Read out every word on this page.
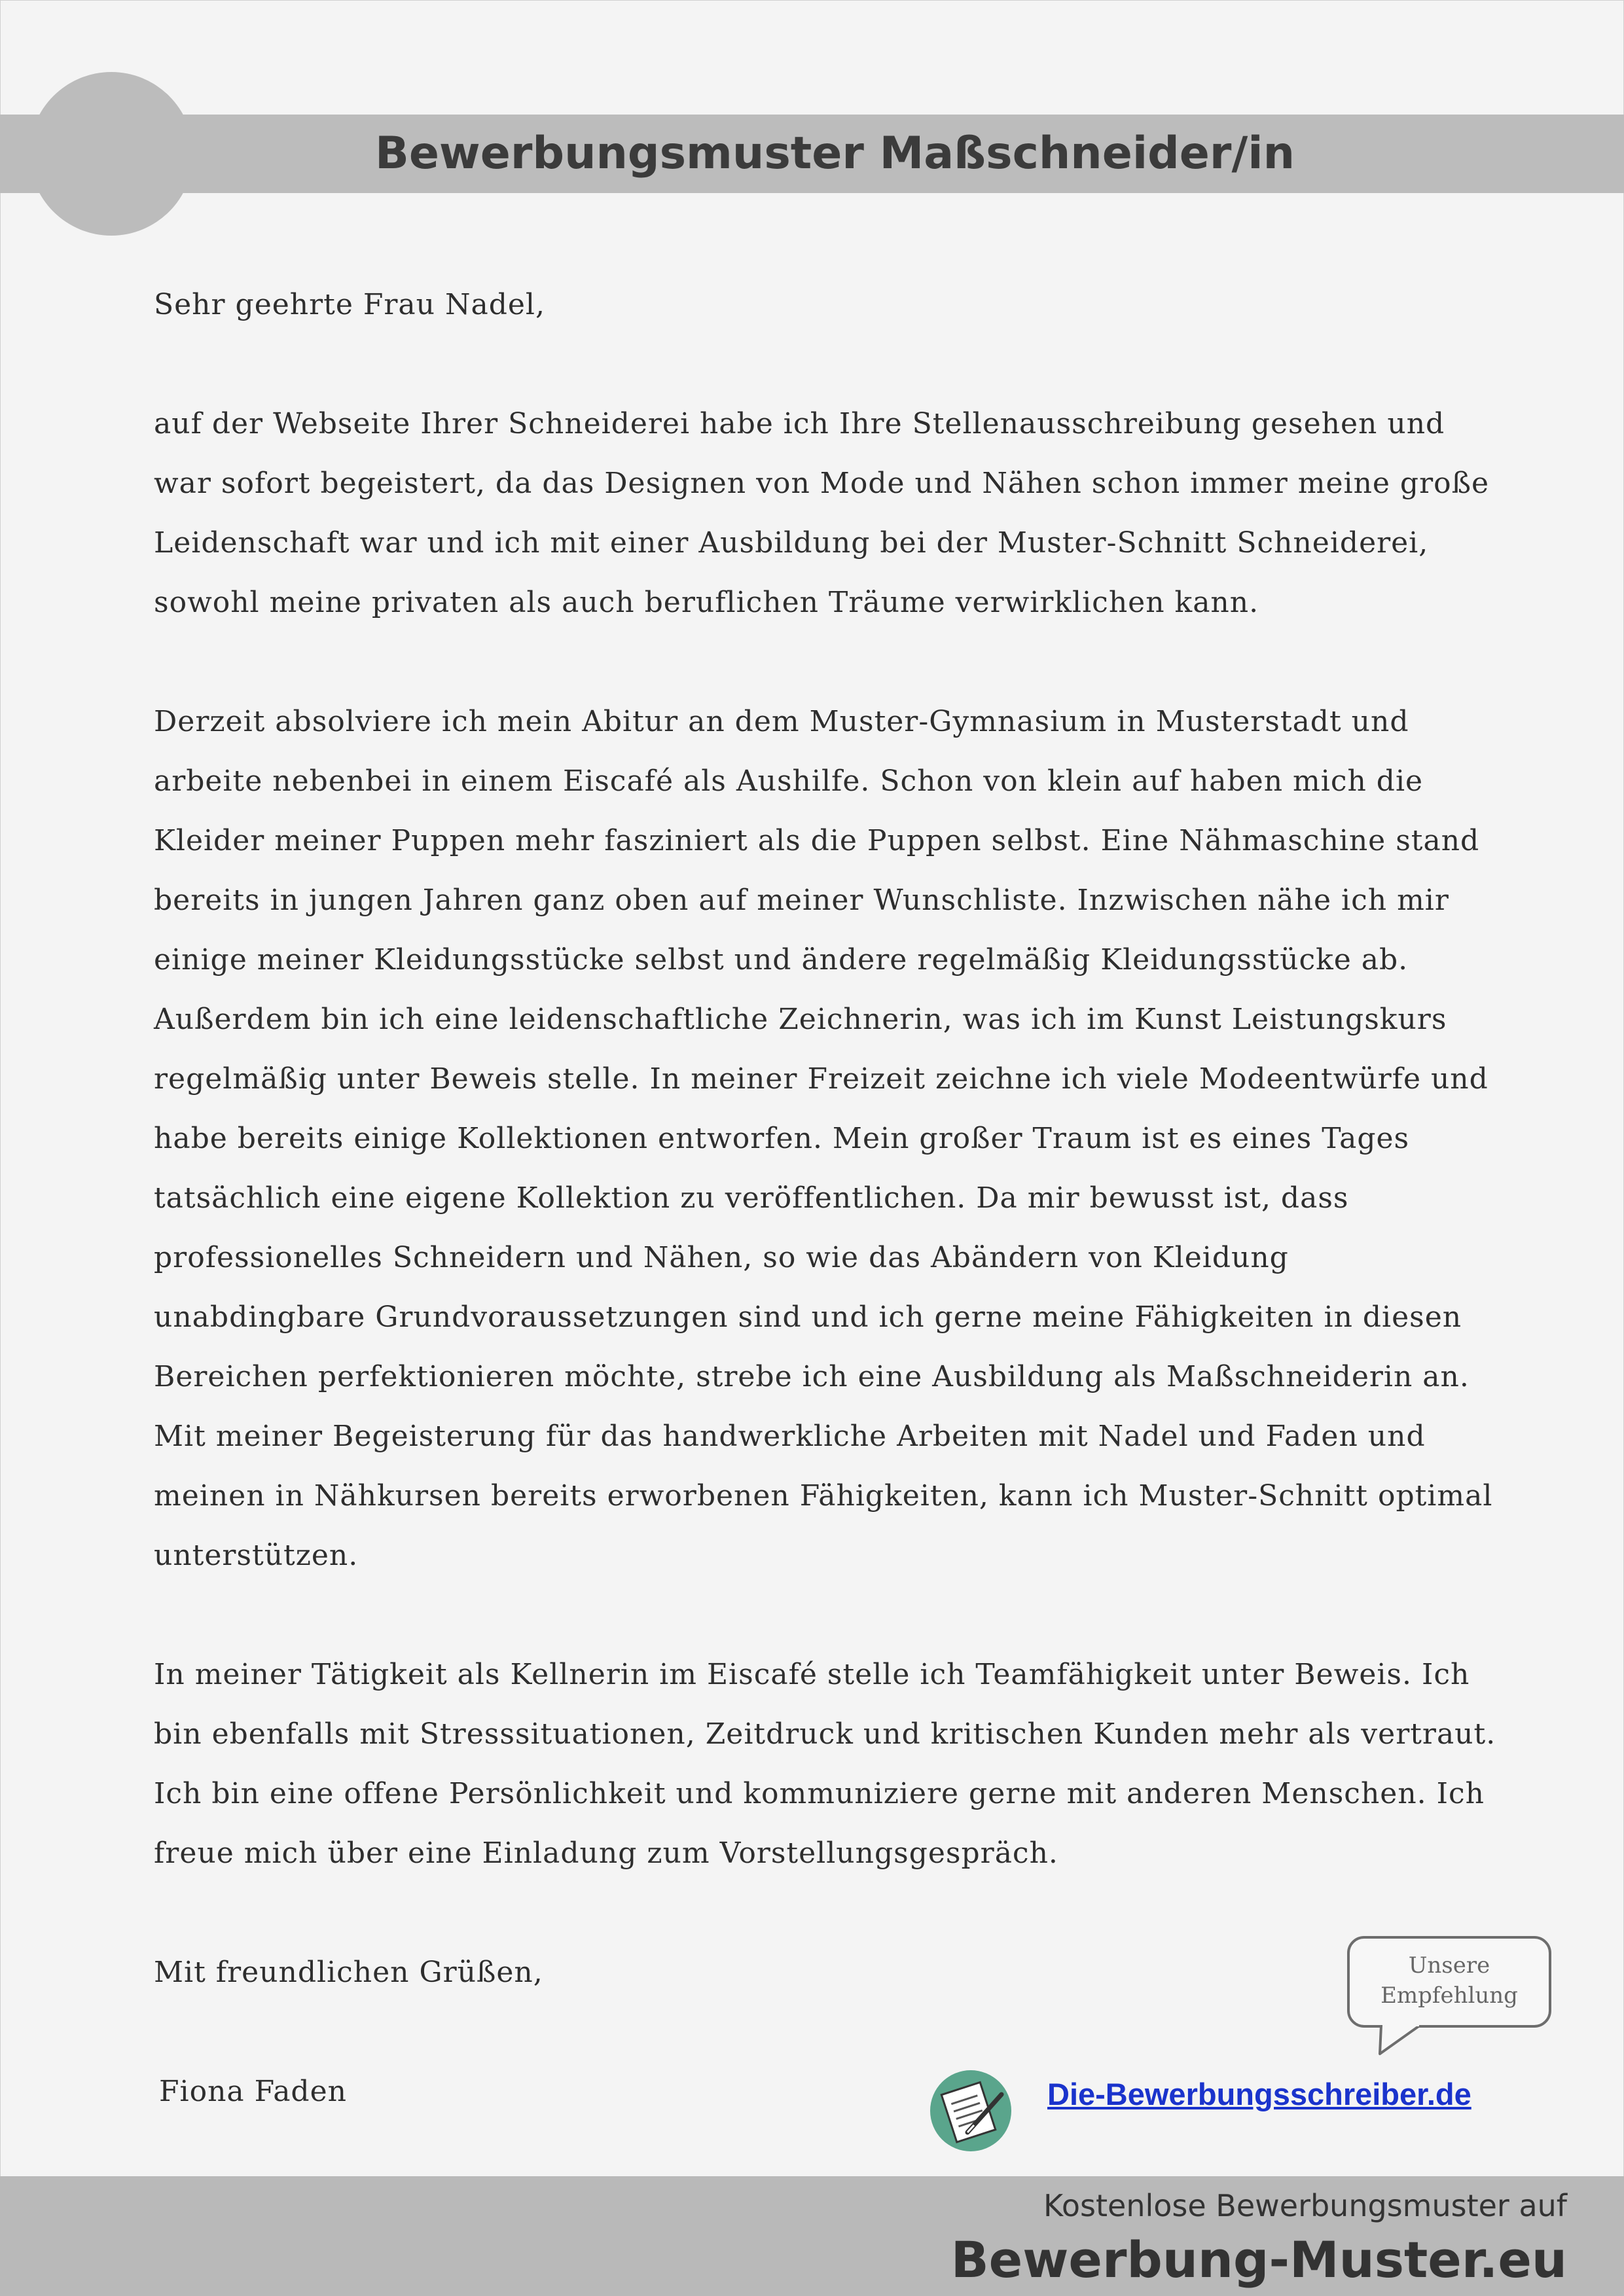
Bewerbungsmuster Maßschneider/in

Sehr geehrte Frau Nadel,

auf der Webseite Ihrer Schneiderei habe ich Ihre Stellenausschreibung gesehen und war sofort begeistert, da das Designen von Mode und Nähen schon immer meine große Leidenschaft war und ich mit einer Ausbildung bei der Muster-Schnitt Schneiderei, sowohl meine privaten als auch beruflichen Träume verwirklichen kann.

Derzeit absolviere ich mein Abitur an dem Muster-Gymnasium in Musterstadt und arbeite nebenbei in einem Eiscafé als Aushilfe. Schon von klein auf haben mich die Kleider meiner Puppen mehr fasziniert als die Puppen selbst. Eine Nähmaschine stand bereits in jungen Jahren ganz oben auf meiner Wunschliste. Inzwischen nähe ich mir einige meiner Kleidungsstücke selbst und ändere regelmäßig Kleidungsstücke ab. Außerdem bin ich eine leidenschaftliche Zeichnerin, was ich im Kunst Leistungskurs regelmäßig unter Beweis stelle. In meiner Freizeit zeichne ich viele Modeentwürfe und habe bereits einige Kollektionen entworfen. Mein großer Traum ist es eines Tages tatsächlich eine eigene Kollektion zu veröffentlichen. Da mir bewusst ist, dass professionelles Schneidern und Nähen, so wie das Abändern von Kleidung unabdingbare Grundvoraussetzungen sind und ich gerne meine Fähigkeiten in diesen Bereichen perfektionieren möchte, strebe ich eine Ausbildung als Maßschneiderin an. Mit meiner Begeisterung für das handwerkliche Arbeiten mit Nadel und Faden und meinen in Nähkursen bereits erworbenen Fähigkeiten, kann ich Muster-Schnitt optimal unterstützen.

In meiner Tätigkeit als Kellnerin im Eiscafé stelle ich Teamfähigkeit unter Beweis. Ich bin ebenfalls mit Stresssituationen, Zeitdruck und kritischen Kunden mehr als vertraut. Ich bin eine offene Persönlichkeit und kommuniziere gerne mit anderen Menschen. Ich freue mich über eine Einladung zum Vorstellungsgespräch.

Mit freundlichen Grüßen,

Fiona Faden

Unsere
Empfehlung
Die-Bewerbungsschreiber.de
Kostenlose Bewerbungsmuster auf
Bewerbung-Muster.eu
